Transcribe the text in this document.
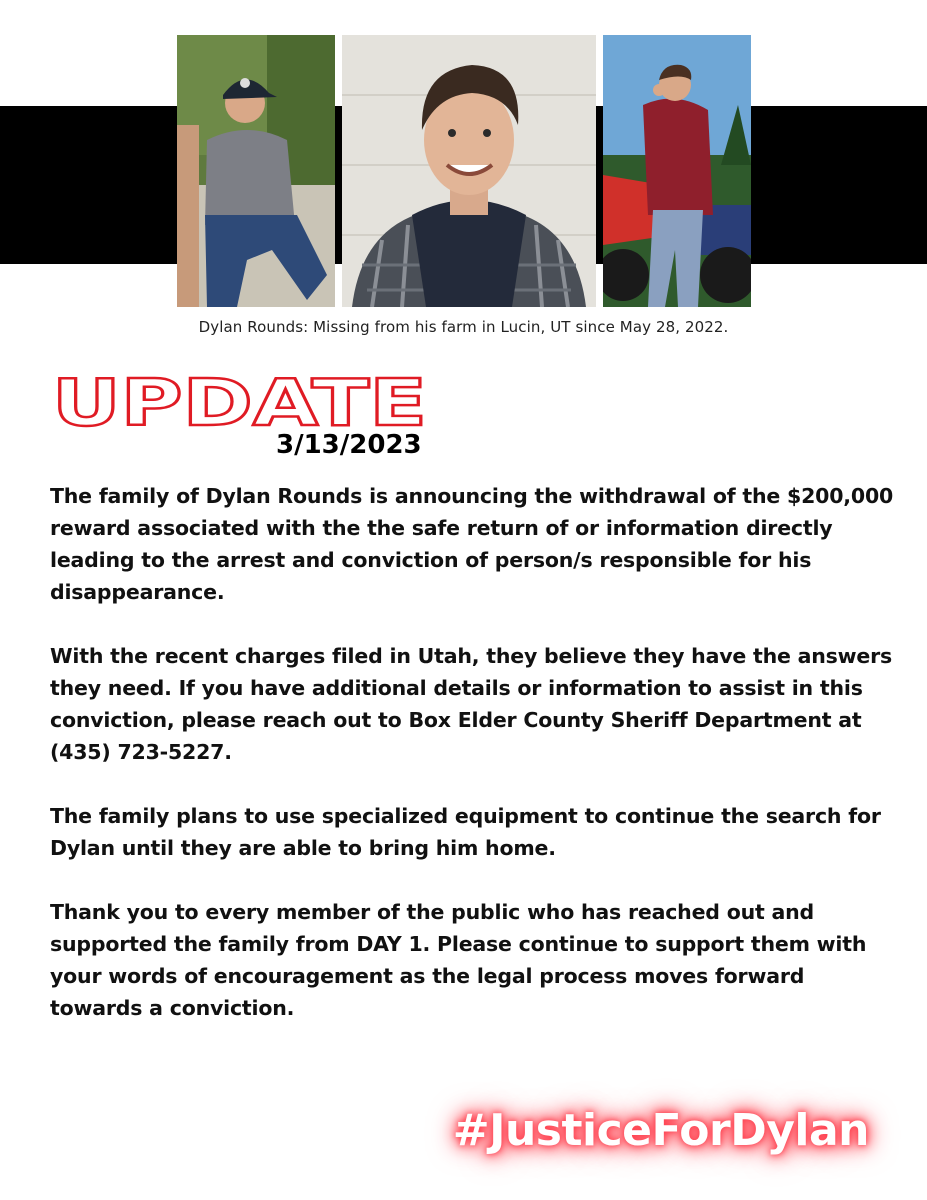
Dylan Rounds: Missing from his farm in Lucin, UT since May 28, 2022.
UPDATE
3/13/2023

The family of Dylan Rounds is announcing the withdrawal of the $200,000 reward associated with the the safe return of or information directly leading to the arrest and conviction of person/s responsible for his disappearance.

With the recent charges filed in Utah, they believe they have the answers they need. If you have additional details or information to assist in this conviction, please reach out to Box Elder County Sheriff Department at (435) 723-5227.

The family plans to use specialized equipment to continue the search for Dylan until they are able to bring him home.

Thank you to every member of the public who has reached out and supported the family from DAY 1. Please continue to support them with your words of encouragement as the legal process moves forward towards a conviction.

#JusticeForDylan
